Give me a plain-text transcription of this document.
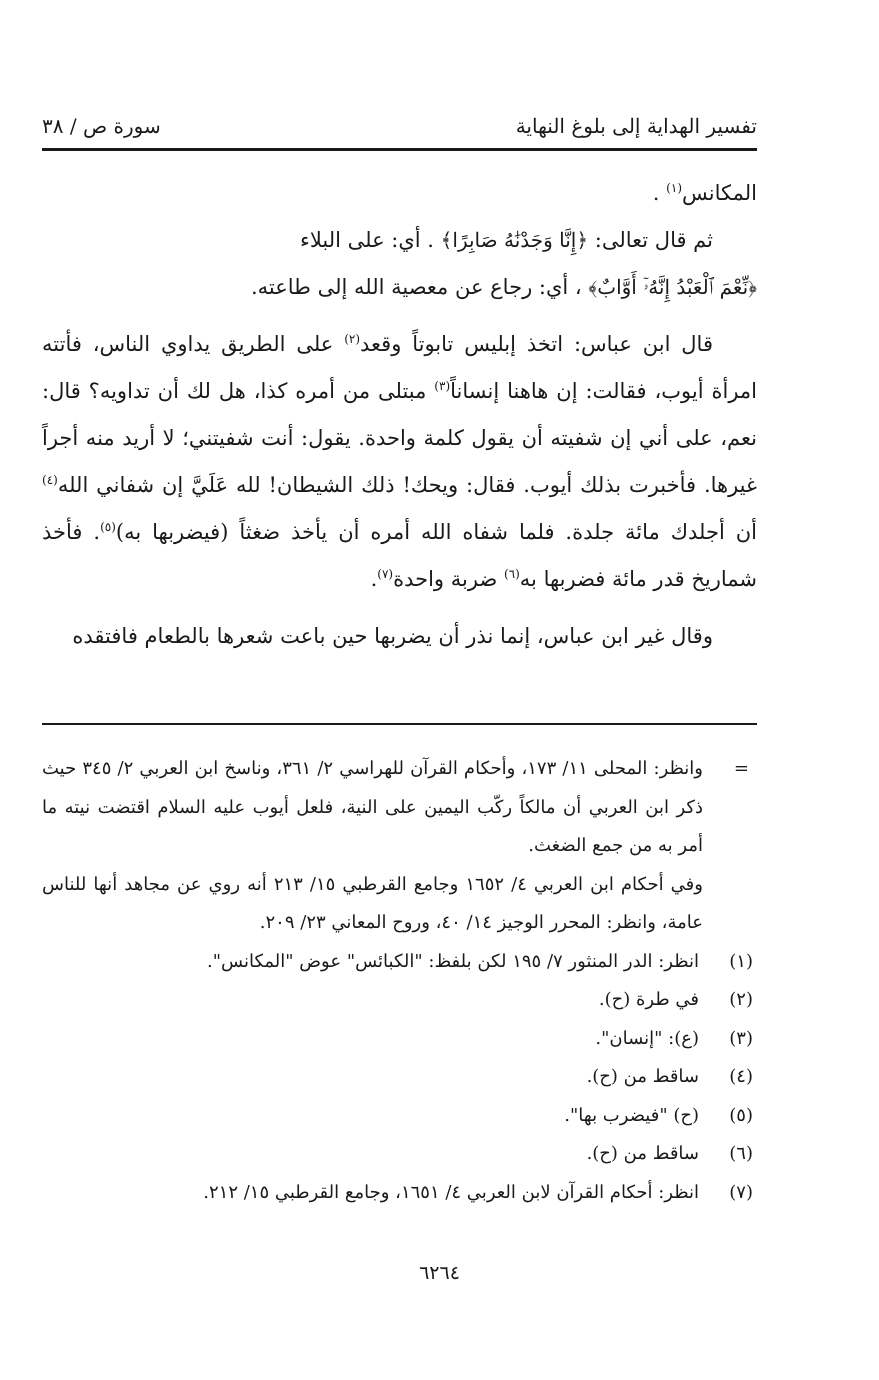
تفسير الهداية إلى بلوغ النهاية
سورة ص / ٣٨

المكانس$^{(١)}$ .

ثم قال تعالى: ﴿إِنَّا وَجَدْنَٰهُ صَابِرًا﴾ . أي: على البلاء

﴿نِّعْمَ ٱلْعَبْدُ إِنَّهُۥٓ أَوَّابٌ﴾ ، أي: رجاع عن معصية الله إلى طاعته.

قال ابن عباس: اتخذ إبليس تابوتاً وقعد$^{(٢)}$ على الطريق يداوي الناس، فأتته امرأة أيوب، فقالت: إن هاهنا إنساناً$^{(٣)}$ مبتلى من أمره كذا، هل لك أن تداويه؟ قال: نعم، على أني إن شفيته أن يقول كلمة واحدة. يقول: أنت شفيتني؛ لا أريد منه أجراً غيرها. فأخبرت بذلك أيوب. فقال: ويحك! ذلك الشيطان! لله عَلَيَّ إن شفاني الله$^{(٤)}$ أن أجلدك مائة جلدة. فلما شفاه الله أمره أن يأخذ ضغثاً (فيضربها به)$^{(٥)}$. فأخذ شماريخ قدر مائة فضربها به$^{(٦)}$ ضربة واحدة$^{(٧)}$.

وقال غير ابن عباس، إنما نذر أن يضربها حين باعت شعرها بالطعام فافتقده

=

وانظر: المحلى ١١/ ١٧٣، وأحكام القرآن للهراسي ٢/ ٣٦١، وناسخ ابن العربي ٢/ ٣٤٥ حيث ذكر ابن العربي أن مالكاً ركّب اليمين على النية، فلعل أيوب عليه السلام اقتضت نيته ما أمر به من جمع الضغث.

وفي أحكام ابن العربي ٤/ ١٦٥٢ وجامع القرطبي ١٥/ ٢١٣ أنه روي عن مجاهد أنها للناس عامة، وانظر: المحرر الوجيز ١٤/ ٤٠، وروح المعاني ٢٣/ ٢٠٩.

(١)
انظر: الدر المنثور ٧/ ١٩٥ لكن بلفظ: "الكبائس" عوض "المكانس".
(٢)
في طرة (ح).
(٣)
(ع): "إنسان".
(٤)
ساقط من (ح).
(٥)
(ح) "فيضرب بها".
(٦)
ساقط من (ح).
(٧)
انظر: أحكام القرآن لابن العربي ٤/ ١٦٥١، وجامع القرطبي ١٥/ ٢١٢.
٦٢٦٤
